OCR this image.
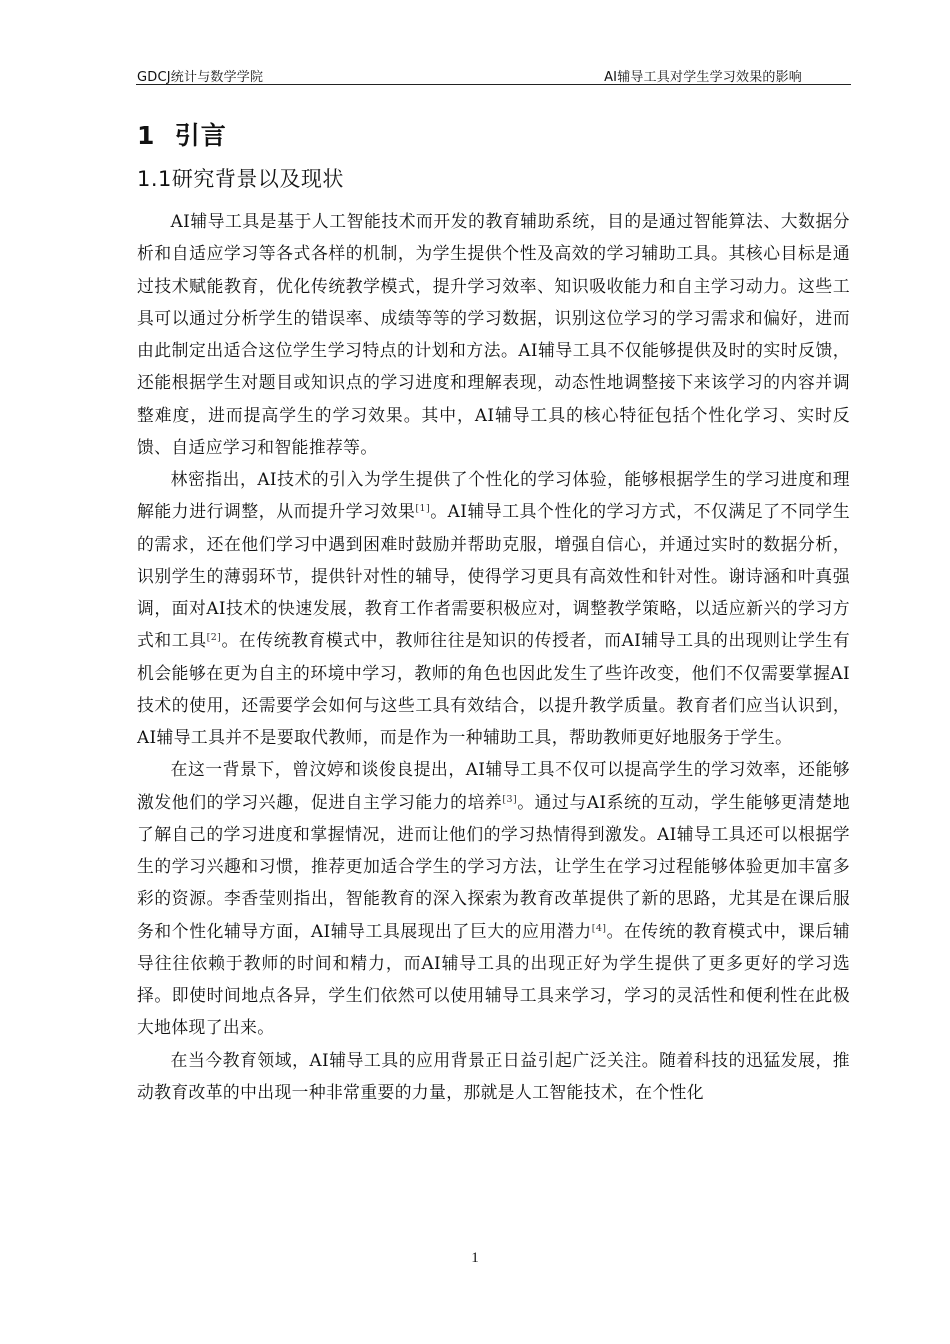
GDCJ统计与数学学院	AI辅导工具对学生学习效果的影响
1  引言
1.1研究背景以及现状

AI辅导工具是基于人工智能技术而开发的教育辅助系统，目的是通过智能算法、大数据分析和自适应学习等各式各样的机制，为学生提供个性及高效的学习辅助工具。其核心目标是通过技术赋能教育，优化传统教学模式，提升学习效率、知识吸收能力和自主学习动力。这些工具可以通过分析学生的错误率、成绩等等的学习数据，识别这位学习的学习需求和偏好，进而由此制定出适合这位学生学习特点的计划和方法。AI辅导工具不仅能够提供及时的实时反馈，还能根据学生对题目或知识点的学习进度和理解表现，动态性地调整接下来该学习的内容并调整难度，进而提高学生的学习效果。其中，AI辅导工具的核心特征包括个性化学习、实时反馈、自适应学习和智能推荐等。

林密指出，AI技术的引入为学生提供了个性化的学习体验，能够根据学生的学习进度和理解能力进行调整，从而提升学习效果[1]。AI辅导工具个性化的学习方式，不仅满足了不同学生的需求，还在他们学习中遇到困难时鼓励并帮助克服，增强自信心，并通过实时的数据分析，识别学生的薄弱环节，提供针对性的辅导，使得学习更具有高效性和针对性。谢诗涵和叶真强调，面对AI技术的快速发展，教育工作者需要积极应对，调整教学策略，以适应新兴的学习方式和工具[2]。在传统教育模式中，教师往往是知识的传授者，而AI辅导工具的出现则让学生有机会能够在更为自主的环境中学习，教师的角色也因此发生了些许改变，他们不仅需要掌握AI技术的使用，还需要学会如何与这些工具有效结合，以提升教学质量。教育者们应当认识到，AI辅导工具并不是要取代教师，而是作为一种辅助工具，帮助教师更好地服务于学生。

在这一背景下，曾汶婷和谈俊良提出，AI辅导工具不仅可以提高学生的学习效率，还能够激发他们的学习兴趣，促进自主学习能力的培养[3]。通过与AI系统的互动，学生能够更清楚地了解自己的学习进度和掌握情况，进而让他们的学习热情得到激发。AI辅导工具还可以根据学生的学习兴趣和习惯，推荐更加适合学生的学习方法，让学生在学习过程能够体验更加丰富多彩的资源。李香莹则指出，智能教育的深入探索为教育改革提供了新的思路，尤其是在课后服务和个性化辅导方面，AI辅导工具展现出了巨大的应用潜力[4]。在传统的教育模式中，课后辅导往往依赖于教师的时间和精力，而AI辅导工具的出现正好为学生提供了更多更好的学习选择。即使时间地点各异，学生们依然可以使用辅导工具来学习，学习的灵活性和便利性在此极大地体现了出来。

在当今教育领域，AI辅导工具的应用背景正日益引起广泛关注。随着科技的迅猛发展，推动教育改革的中出现一种非常重要的力量，那就是人工智能技术，在个性化

1
